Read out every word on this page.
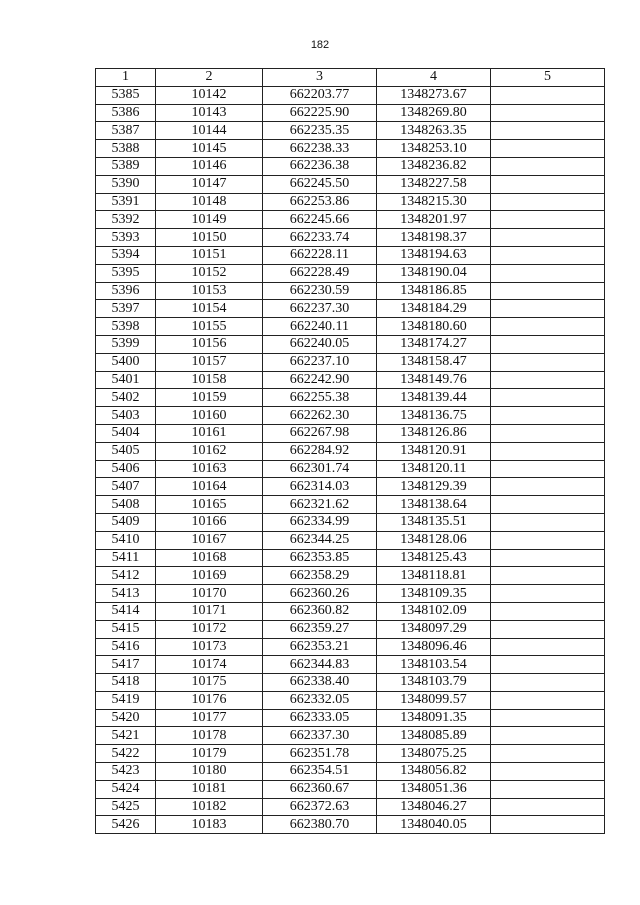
182
1	2	3	4	5
5385	10142	662203.77	1348273.67	
5386	10143	662225.90	1348269.80	
5387	10144	662235.35	1348263.35	
5388	10145	662238.33	1348253.10	
5389	10146	662236.38	1348236.82	
5390	10147	662245.50	1348227.58	
5391	10148	662253.86	1348215.30	
5392	10149	662245.66	1348201.97	
5393	10150	662233.74	1348198.37	
5394	10151	662228.11	1348194.63	
5395	10152	662228.49	1348190.04	
5396	10153	662230.59	1348186.85	
5397	10154	662237.30	1348184.29	
5398	10155	662240.11	1348180.60	
5399	10156	662240.05	1348174.27	
5400	10157	662237.10	1348158.47	
5401	10158	662242.90	1348149.76	
5402	10159	662255.38	1348139.44	
5403	10160	662262.30	1348136.75	
5404	10161	662267.98	1348126.86	
5405	10162	662284.92	1348120.91	
5406	10163	662301.74	1348120.11	
5407	10164	662314.03	1348129.39	
5408	10165	662321.62	1348138.64	
5409	10166	662334.99	1348135.51	
5410	10167	662344.25	1348128.06	
5411	10168	662353.85	1348125.43	
5412	10169	662358.29	1348118.81	
5413	10170	662360.26	1348109.35	
5414	10171	662360.82	1348102.09	
5415	10172	662359.27	1348097.29	
5416	10173	662353.21	1348096.46	
5417	10174	662344.83	1348103.54	
5418	10175	662338.40	1348103.79	
5419	10176	662332.05	1348099.57	
5420	10177	662333.05	1348091.35	
5421	10178	662337.30	1348085.89	
5422	10179	662351.78	1348075.25	
5423	10180	662354.51	1348056.82	
5424	10181	662360.67	1348051.36	
5425	10182	662372.63	1348046.27	
5426	10183	662380.70	1348040.05	
